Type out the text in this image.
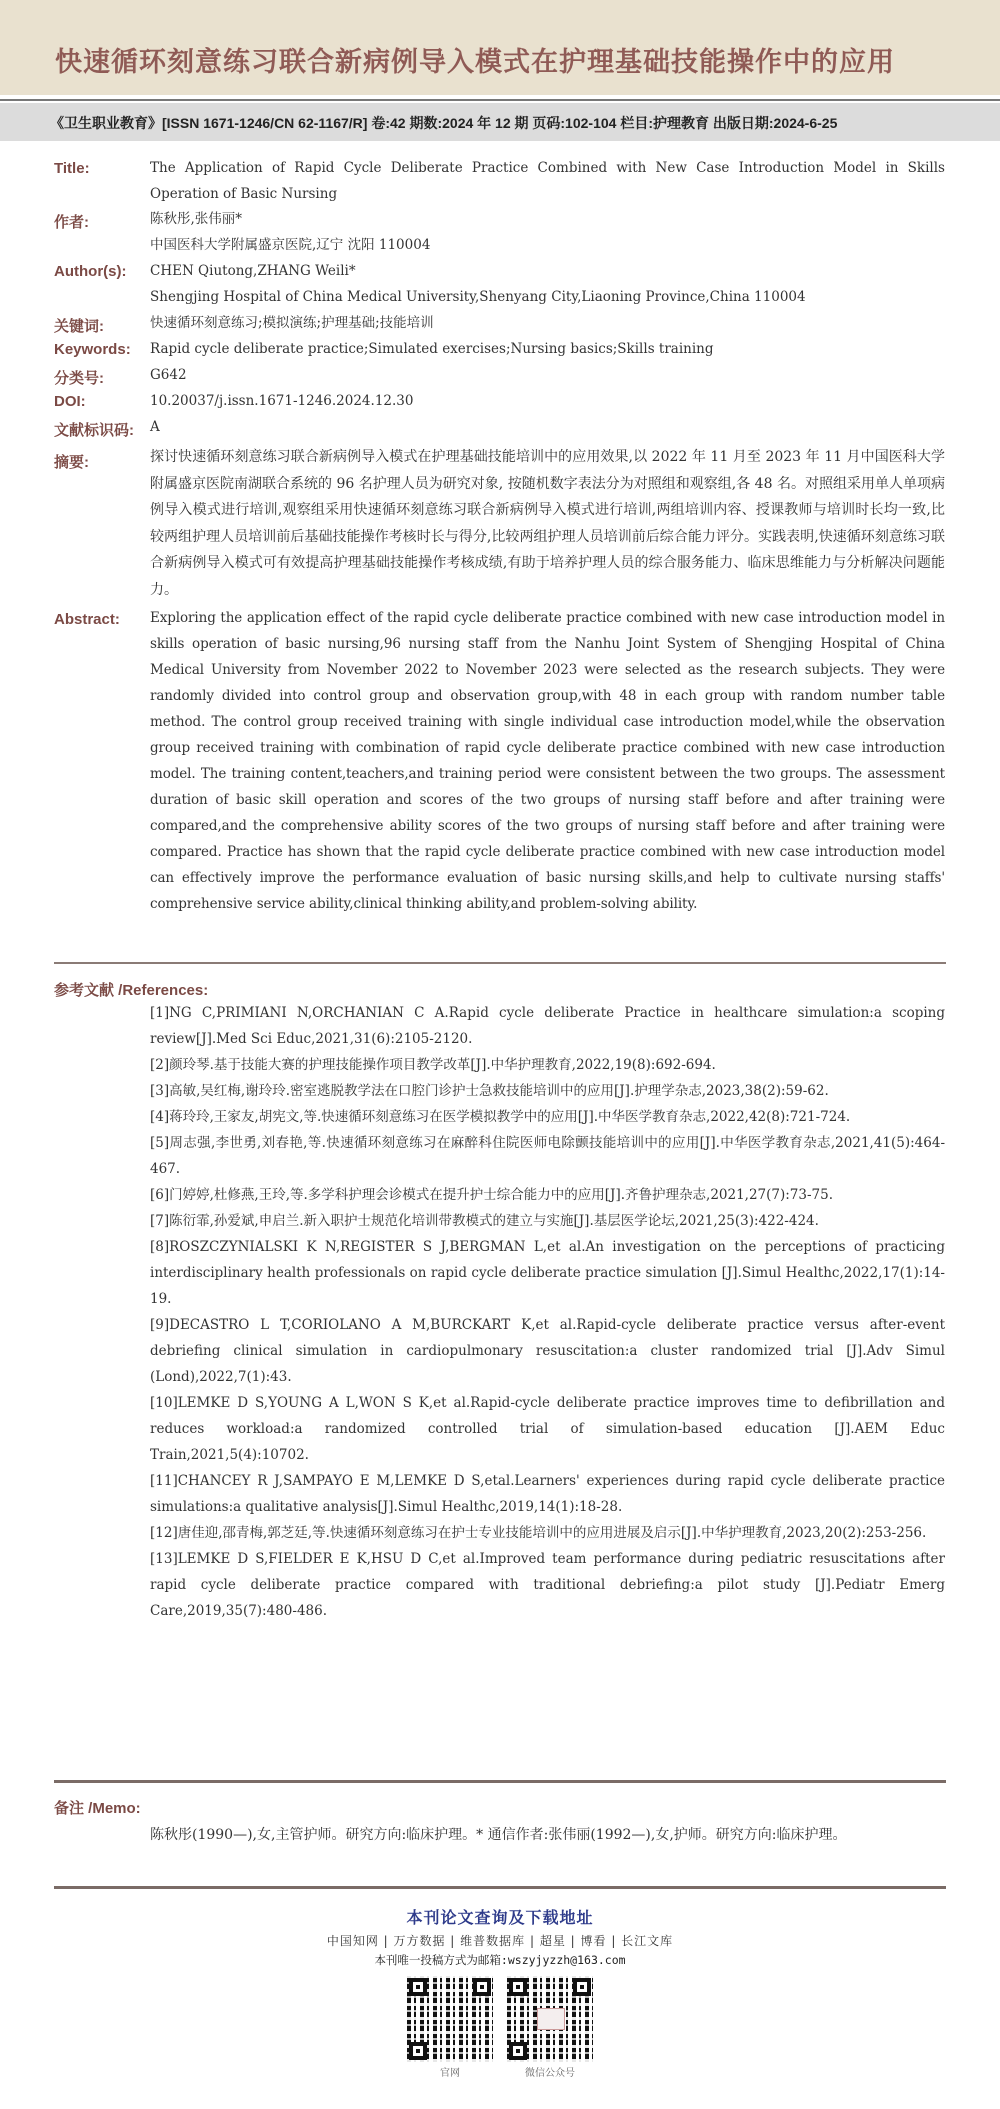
快速循环刻意练习联合新病例导入模式在护理基础技能操作中的应用
《卫生职业教育》[ISSN 1671-1246/CN 62-1167/R] 卷:42 期数:2024 年 12 期 页码:102-104 栏目:护理教育 出版日期:2024-6-25
Title:	The Application of Rapid Cycle Deliberate Practice Combined with New Case Introduction Model in Skills Operation of Basic Nursing
作者:	陈秋彤,张伟丽*
中国医科大学附属盛京医院,辽宁 沈阳 110004
Author(s): CHEN Qiutong,ZHANG Weili*
Shengjing Hospital of China Medical University,Shenyang City,Liaoning Province,China 110004
关键词:	快速循环刻意练习;模拟演练;护理基础;技能培训
Keywords: Rapid cycle deliberate practice;Simulated exercises;Nursing basics;Skills training
分类号:	G642
DOI:	10.20037/j.issn.1671-1246.2024.12.30
文献标识码: A
摘要:	探讨快速循环刻意练习联合新病例导入模式在护理基础技能培训中的应用效果,以 2022 年 11 月至 2023 年 11 月中国医科大学附属盛京医院南湖联合系统的 96 名护理人员为研究对象, 按随机数字表法分为对照组和观察组,各 48 名。对照组采用单人单项病例导入模式进行培训,观察组采用快速循环刻意练习联合新病例导入模式进行培训,两组培训内容、授课教师与培训时长均一致,比较两组护理人员培训前后基础技能操作考核时长与得分,比较两组护理人员培训前后综合能力评分。实践表明,快速循环刻意练习联合新病例导入模式可有效提高护理基础技能操作考核成绩,有助于培养护理人员的综合服务能力、临床思维能力与分析解决问题能力。
Abstract: Exploring the application effect of the rapid cycle deliberate practice combined with new case introduction model in skills operation of basic nursing,96 nursing staff from the Nanhu Joint System of Shengjing Hospital of China Medical University from November 2022 to November 2023 were selected as the research subjects. They were randomly divided into control group and observation group,with 48 in each group with random number table method. The control group received training with single individual case introduction model,while the observation group received training with combination of rapid cycle deliberate practice combined with new case introduction model. The training content,teachers,and training period were consistent between the two groups. The assessment duration of basic skill operation and scores of the two groups of nursing staff before and after training were compared,and the comprehensive ability scores of the two groups of nursing staff before and after training were compared. Practice has shown that the rapid cycle deliberate practice combined with new case introduction model can effectively improve the performance evaluation of basic nursing skills,and help to cultivate nursing staffs' comprehensive service ability,clinical thinking ability,and problem-solving ability.
参考文献 /References:

[1]NG C,PRIMIANI N,ORCHANIAN C A.Rapid cycle deliberate Practice in healthcare simulation:a scoping review[J].Med Sci Educ,2021,31(6):2105-2120.

[2]颜玲琴.基于技能大赛的护理技能操作项目教学改革[J].中华护理教育,2022,19(8):692-694.

[3]高敏,吴红梅,谢玲玲.密室逃脱教学法在口腔门诊护士急救技能培训中的应用[J].护理学杂志,2023,38(2):59-62.

[4]蒋玲玲,王家友,胡宪文,等.快速循环刻意练习在医学模拟教学中的应用[J].中华医学教育杂志,2022,42(8):721-724.

[5]周志强,李世勇,刘春艳,等.快速循环刻意练习在麻醉科住院医师电除颤技能培训中的应用[J].中华医学教育杂志,2021,41(5):464-467.

[6]门婷婷,杜修燕,王玲,等.多学科护理会诊模式在提升护士综合能力中的应用[J].齐鲁护理杂志,2021,27(7):73-75.

[7]陈衍霏,孙爱斌,申启兰.新入职护士规范化培训带教模式的建立与实施[J].基层医学论坛,2021,25(3):422-424.

[8]ROSZCZYNIALSKI K N,REGISTER S J,BERGMAN L,et al.An investigation on the perceptions of practicing interdisciplinary health professionals on rapid cycle deliberate practice simulation [J].Simul Healthc,2022,17(1):14-19.

[9]DECASTRO L T,CORIOLANO A M,BURCKART K,et al.Rapid-cycle deliberate practice versus after-event debriefing clinical simulation in cardiopulmonary resuscitation:a cluster randomized trial [J].Adv Simul (Lond),2022,7(1):43.

[10]LEMKE D S,YOUNG A L,WON S K,et al.Rapid-cycle deliberate practice improves time to defibrillation and reduces workload:a randomized controlled trial of simulation-based education [J].AEM Educ Train,2021,5(4):10702.

[11]CHANCEY R J,SAMPAYO E M,LEMKE D S,etal.Learners' experiences during rapid cycle deliberate practice simulations:a qualitative analysis[J].Simul Healthc,2019,14(1):18-28.

[12]唐佳迎,邵青梅,郭芝廷,等.快速循环刻意练习在护士专业技能培训中的应用进展及启示[J].中华护理教育,2023,20(2):253-256.

[13]LEMKE D S,FIELDER E K,HSU D C,et al.Improved team performance during pediatric resuscitations after rapid cycle deliberate practice compared with traditional debriefing:a pilot study [J].Pediatr Emerg Care,2019,35(7):480-486.

备注 /Memo:
陈秋彤(1990—),女,主管护师。研究方向:临床护理。* 通信作者:张伟丽(1992—),女,护师。研究方向:临床护理。
本刊论文查询及下载地址
中国知网 | 万方数据 | 维普数据库 | 超星 | 博看 | 长江文库
本刊唯一投稿方式为邮箱:wszyjyzzh@163.com
官网	微信公众号
